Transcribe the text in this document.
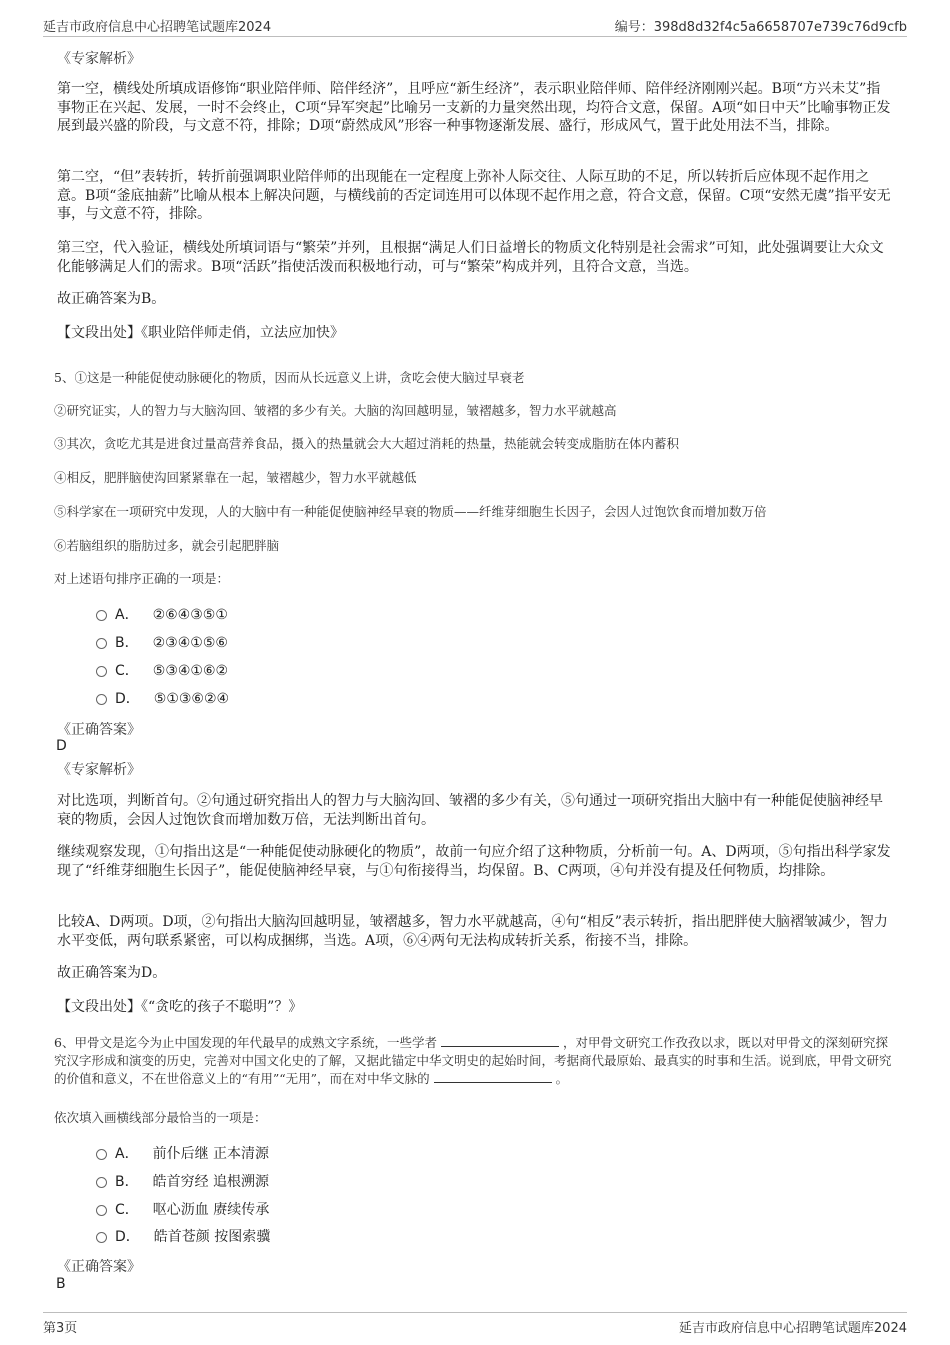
延吉市政府信息中心招聘笔试题库2024	编号：398d8d32f4c5a6658707e739c76d9cfb
《专家解析》

第一空，横线处所填成语修饰“职业陪伴师、陪伴经济”，且呼应“新生经济”，表示职业陪伴师、陪伴经济刚刚兴起。B项“方兴未艾”指事物正在兴起、发展，一时不会终止，C项“异军突起”比喻另一支新的力量突然出现，均符合文意，保留。A项“如日中天”比喻事物正发展到最兴盛的阶段，与文意不符，排除；D项“蔚然成风”形容一种事物逐渐发展、盛行，形成风气，置于此处用法不当，排除。

第二空，“但”表转折，转折前强调职业陪伴师的出现能在一定程度上弥补人际交往、人际互助的不足，所以转折后应体现不起作用之意。B项“釜底抽薪”比喻从根本上解决问题，与横线前的否定词连用可以体现不起作用之意，符合文意，保留。C项“安然无虞”指平安无事，与文意不符，排除。

第三空，代入验证，横线处所填词语与“繁荣”并列，且根据“满足人们日益增长的物质文化特别是社会需求”可知，此处强调要让大众文化能够满足人们的需求。B项“活跃”指使活泼而积极地行动，可与“繁荣”构成并列，且符合文意，当选。

故正确答案为B。

【文段出处】《职业陪伴师走俏，立法应加快》

5、①这是一种能促使动脉硬化的物质，因而从长远意义上讲，贪吃会使大脑过早衰老

②研究证实，人的智力与大脑沟回、皱褶的多少有关。大脑的沟回越明显，皱褶越多，智力水平就越高

③其次，贪吃尤其是进食过量高营养食品，摄入的热量就会大大超过消耗的热量，热能就会转变成脂肪在体内蓄积

④相反，肥胖脑使沟回紧紧靠在一起，皱褶越少，智力水平就越低

⑤科学家在一项研究中发现，人的大脑中有一种能促使脑神经早衰的物质——纤维芽细胞生长因子，会因人过饱饮食而增加数万倍

⑥若脑组织的脂肪过多，就会引起肥胖脑

对上述语句排序正确的一项是：

A． ②⑥④③⑤①
B． ②③④①⑤⑥
C． ⑤③④①⑥②
D． ⑤①③⑥②④
《正确答案》
D
《专家解析》

对比选项，判断首句。②句通过研究指出人的智力与大脑沟回、皱褶的多少有关，⑤句通过一项研究指出大脑中有一种能促使脑神经早衰的物质，会因人过饱饮食而增加数万倍，无法判断出首句。

继续观察发现，①句指出这是“一种能促使动脉硬化的物质”，故前一句应介绍了这种物质，分析前一句。A、D两项，⑤句指出科学家发现了“纤维芽细胞生长因子”，能促使脑神经早衰，与①句衔接得当，均保留。B、C两项，④句并没有提及任何物质，均排除。

比较A、D两项。D项，②句指出大脑沟回越明显，皱褶越多，智力水平就越高，④句“相反”表示转折，指出肥胖使大脑褶皱减少，智力水平变低，两句联系紧密，可以构成捆绑，当选。A项，⑥④两句无法构成转折关系，衔接不当，排除。

故正确答案为D。

【文段出处】《“贪吃的孩子不聪明”？》

6、甲骨文是迄今为止中国发现的年代最早的成熟文字系统，一些学者	，对甲骨文研究工作孜孜以求，既以对甲骨文的深刻研究探究汉字形成和演变的历史，完善对中国文化史的了解，又据此锚定中华文明史的起始时间，考据商代最原始、最真实的时事和生活。说到底，甲骨文研究的价值和意义，不在世俗意义上的“有用”“无用”，而在对中华文脉的	。

依次填入画横线部分最恰当的一项是：

A． 前仆后继 正本清源
B． 皓首穷经 追根溯源
C． 呕心沥血 赓续传承
D． 皓首苍颜 按图索骥
《正确答案》
B
第3页	延吉市政府信息中心招聘笔试题库2024
